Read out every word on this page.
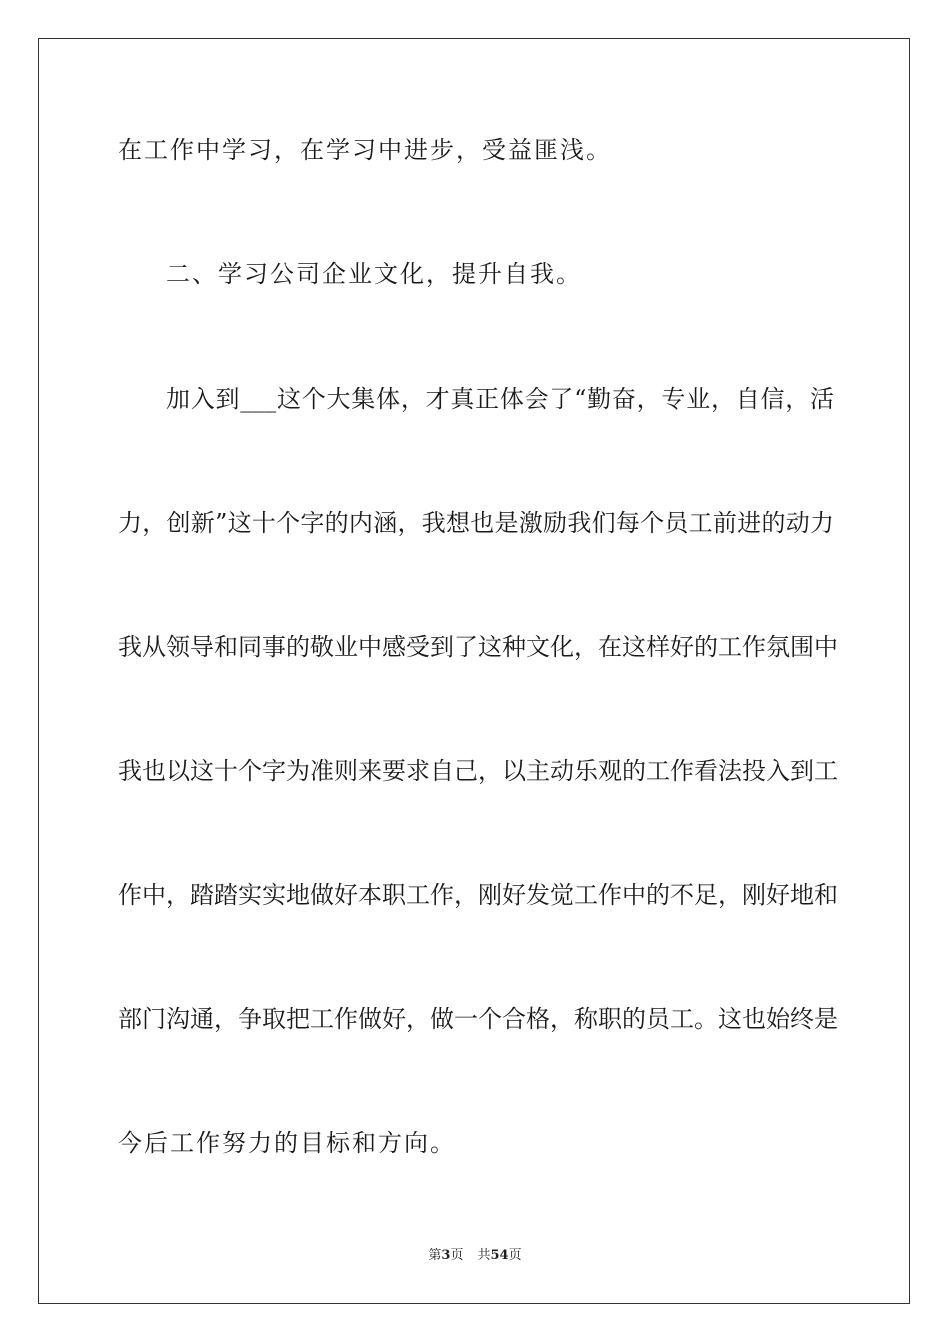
在工作中学习，在学习中进步，受益匪浅。
二、学习公司企业文化，提升自我。
加入到___这个大集体，才真正体会了“勤奋，专业，自信，活
力，创新”这十个字的内涵，我想也是激励我们每个员工前进的动力
我从领导和同事的敬业中感受到了这种文化，在这样好的工作氛围中
我也以这十个字为准则来要求自己，以主动乐观的工作看法投入到工
作中，踏踏实实地做好本职工作，刚好发觉工作中的不足，刚好地和
部门沟通，争取把工作做好，做一个合格，称职的员工。这也始终是
今后工作努力的目标和方向。
第3页 共54页
